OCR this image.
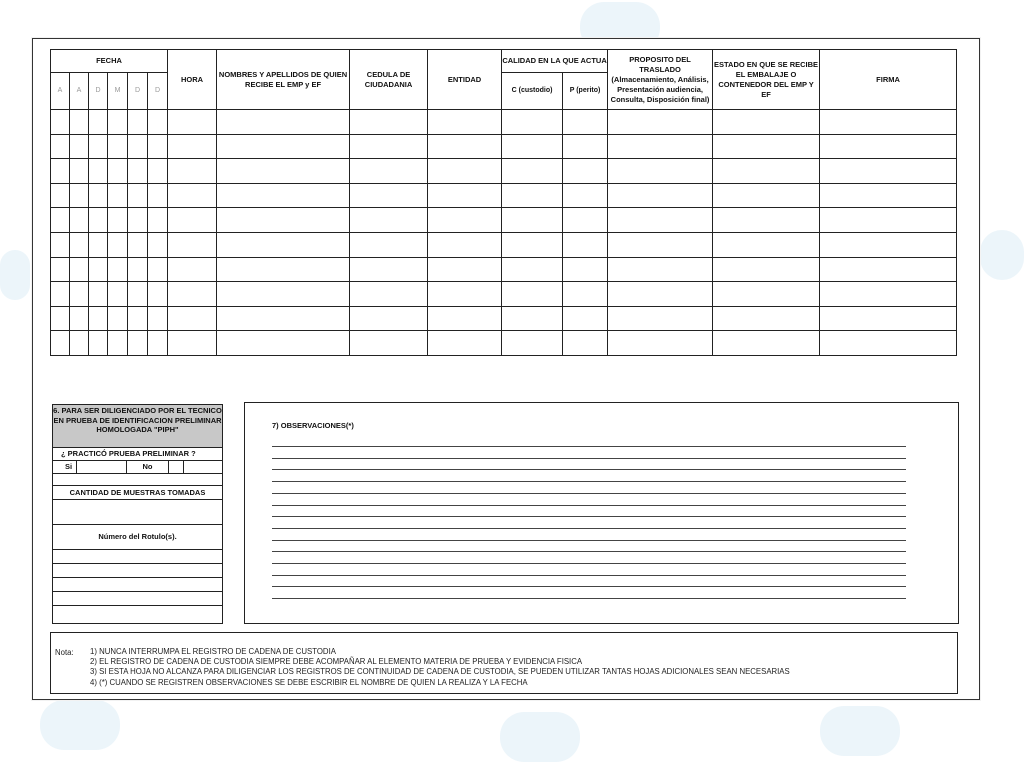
FECHA						HORA	NOMBRES Y APELLIDOS DE QUIEN RECIBE EL EMP y EF	CEDULA DE CIUDADANIA	ENTIDAD	CALIDAD EN LA QUE ACTUA		PROPOSITO DEL TRASLADO (Almacenamiento, Análisis, Presentación audiencia, Consulta, Disposición final)	ESTADO EN QUE SE RECIBE EL EMBALAJE O CONTENEDOR DEL EMP Y EF	FIRMA
A	A	D	M	D	D					C (custodio)	P (perito)			

6. PARA SER DILIGENCIADO POR EL TECNICO EN PRUEBA DE IDENTIFICACION PRELIMINAR HOMOLOGADA "PIPH"
¿ PRACTICÓ PRUEBA PRELIMINAR ?
Si	No
CANTIDAD DE MUESTRAS TOMADAS
Número del Rotulo(s).
7) OBSERVACIONES(*)
Nota: 1) NUNCA INTERRUMPA EL REGISTRO DE CADENA DE CUSTODIA
2) EL REGISTRO DE CADENA DE CUSTODIA SIEMPRE DEBE ACOMPAÑAR AL ELEMENTO MATERIA DE PRUEBA Y EVIDENCIA FISICA
3) SI ESTA HOJA NO ALCANZA PARA DILIGENCIAR LOS REGISTROS DE CONTINUIDAD DE CADENA DE CUSTODIA, SE PUEDEN UTILIZAR TANTAS HOJAS ADICIONALES SEAN NECESARIAS
4) (*) CUANDO SE REGISTREN OBSERVACIONES SE DEBE ESCRIBIR EL NOMBRE DE QUIEN LA REALIZA Y LA FECHA
